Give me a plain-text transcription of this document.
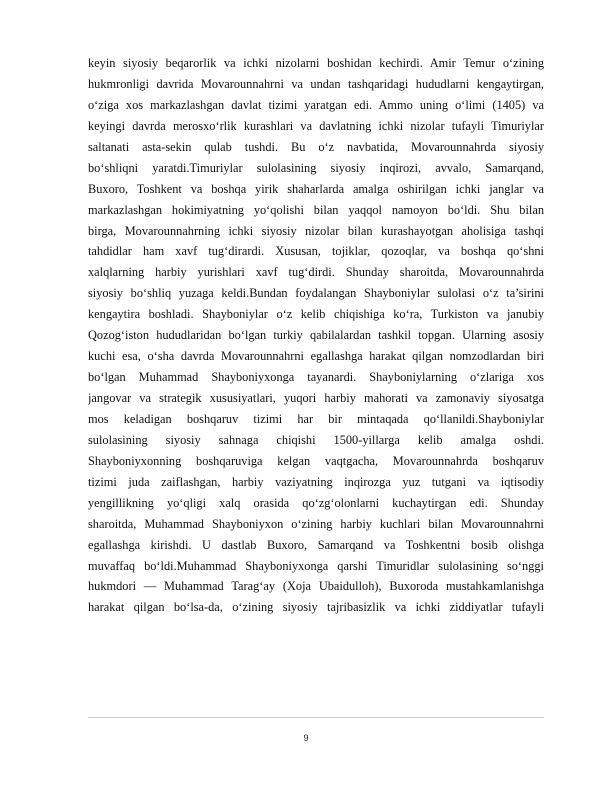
keyin siyosiy beqarorlik va ichki nizolarni boshidan kechirdi. Amir Temur o‘zining
hukmronligi davrida Movarounnahrni va undan tashqaridagi hududlarni kengaytirgan,
o‘ziga xos markazlashgan davlat tizimi yaratgan edi. Ammo uning o‘limi (1405) va
keyingi davrda merosxo‘rlik kurashlari va davlatning ichki nizolar tufayli Timuriylar
saltanati asta-sekin qulab tushdi. Bu o‘z navbatida, Movarounnahrda siyosiy
bo‘shliqni yaratdi.Timuriylar sulolasining siyosiy inqirozi, avvalo, Samarqand,
Buxoro, Toshkent va boshqa yirik shaharlarda amalga oshirilgan ichki janglar va
markazlashgan hokimiyatning yo‘qolishi bilan yaqqol namoyon bo‘ldi. Shu bilan
birga, Movarounnahrning ichki siyosiy nizolar bilan kurashayotgan aholisiga tashqi
tahdidlar ham xavf tug‘dirardi. Xususan, tojiklar, qozoqlar, va boshqa qo‘shni
xalqlarning harbiy yurishlari xavf tug‘dirdi. Shunday sharoitda, Movarounnahrda
siyosiy bo‘shliq yuzaga keldi.Bundan foydalangan Shayboniylar sulolasi o‘z ta’sirini
kengaytira boshladi. Shayboniylar o‘z kelib chiqishiga ko‘ra, Turkiston va janubiy
Qozog‘iston hududlaridan bo‘lgan turkiy qabilalardan tashkil topgan. Ularning asosiy
kuchi esa, o‘sha davrda Movarounnahrni egallashga harakat qilgan nomzodlardan biri
bo‘lgan Muhammad Shayboniyxonga tayanardi. Shayboniylarning o‘zlariga xos
jangovar va strategik xususiyatlari, yuqori harbiy mahorati va zamonaviy siyosatga
mos keladigan boshqaruv tizimi har bir mintaqada qo‘llanildi.Shayboniylar
sulolasining siyosiy sahnaga chiqishi 1500-yillarga kelib amalga oshdi.
Shayboniyxonning boshqaruviga kelgan vaqtgacha, Movarounnahrda boshqaruv
tizimi juda zaiflashgan, harbiy vaziyatning inqirozga yuz tutgani va iqtisodiy
yengillikning yo‘qligi xalq orasida qo‘zg‘olonlarni kuchaytirgan edi. Shunday
sharoitda, Muhammad Shayboniyxon o‘zining harbiy kuchlari bilan Movarounnahrni
egallashga kirishdi. U dastlab Buxoro, Samarqand va Toshkentni bosib olishga
muvaffaq bo‘ldi.Muhammad Shayboniyxonga qarshi Timuridlar sulolasining so‘nggi
hukmdori — Muhammad Tarag‘ay (Xoja Ubaidulloh), Buxoroda mustahkamlanishga
harakat qilgan bo‘lsa-da, o‘zining siyosiy tajribasizlik va ichki ziddiyatlar tufayli
9
